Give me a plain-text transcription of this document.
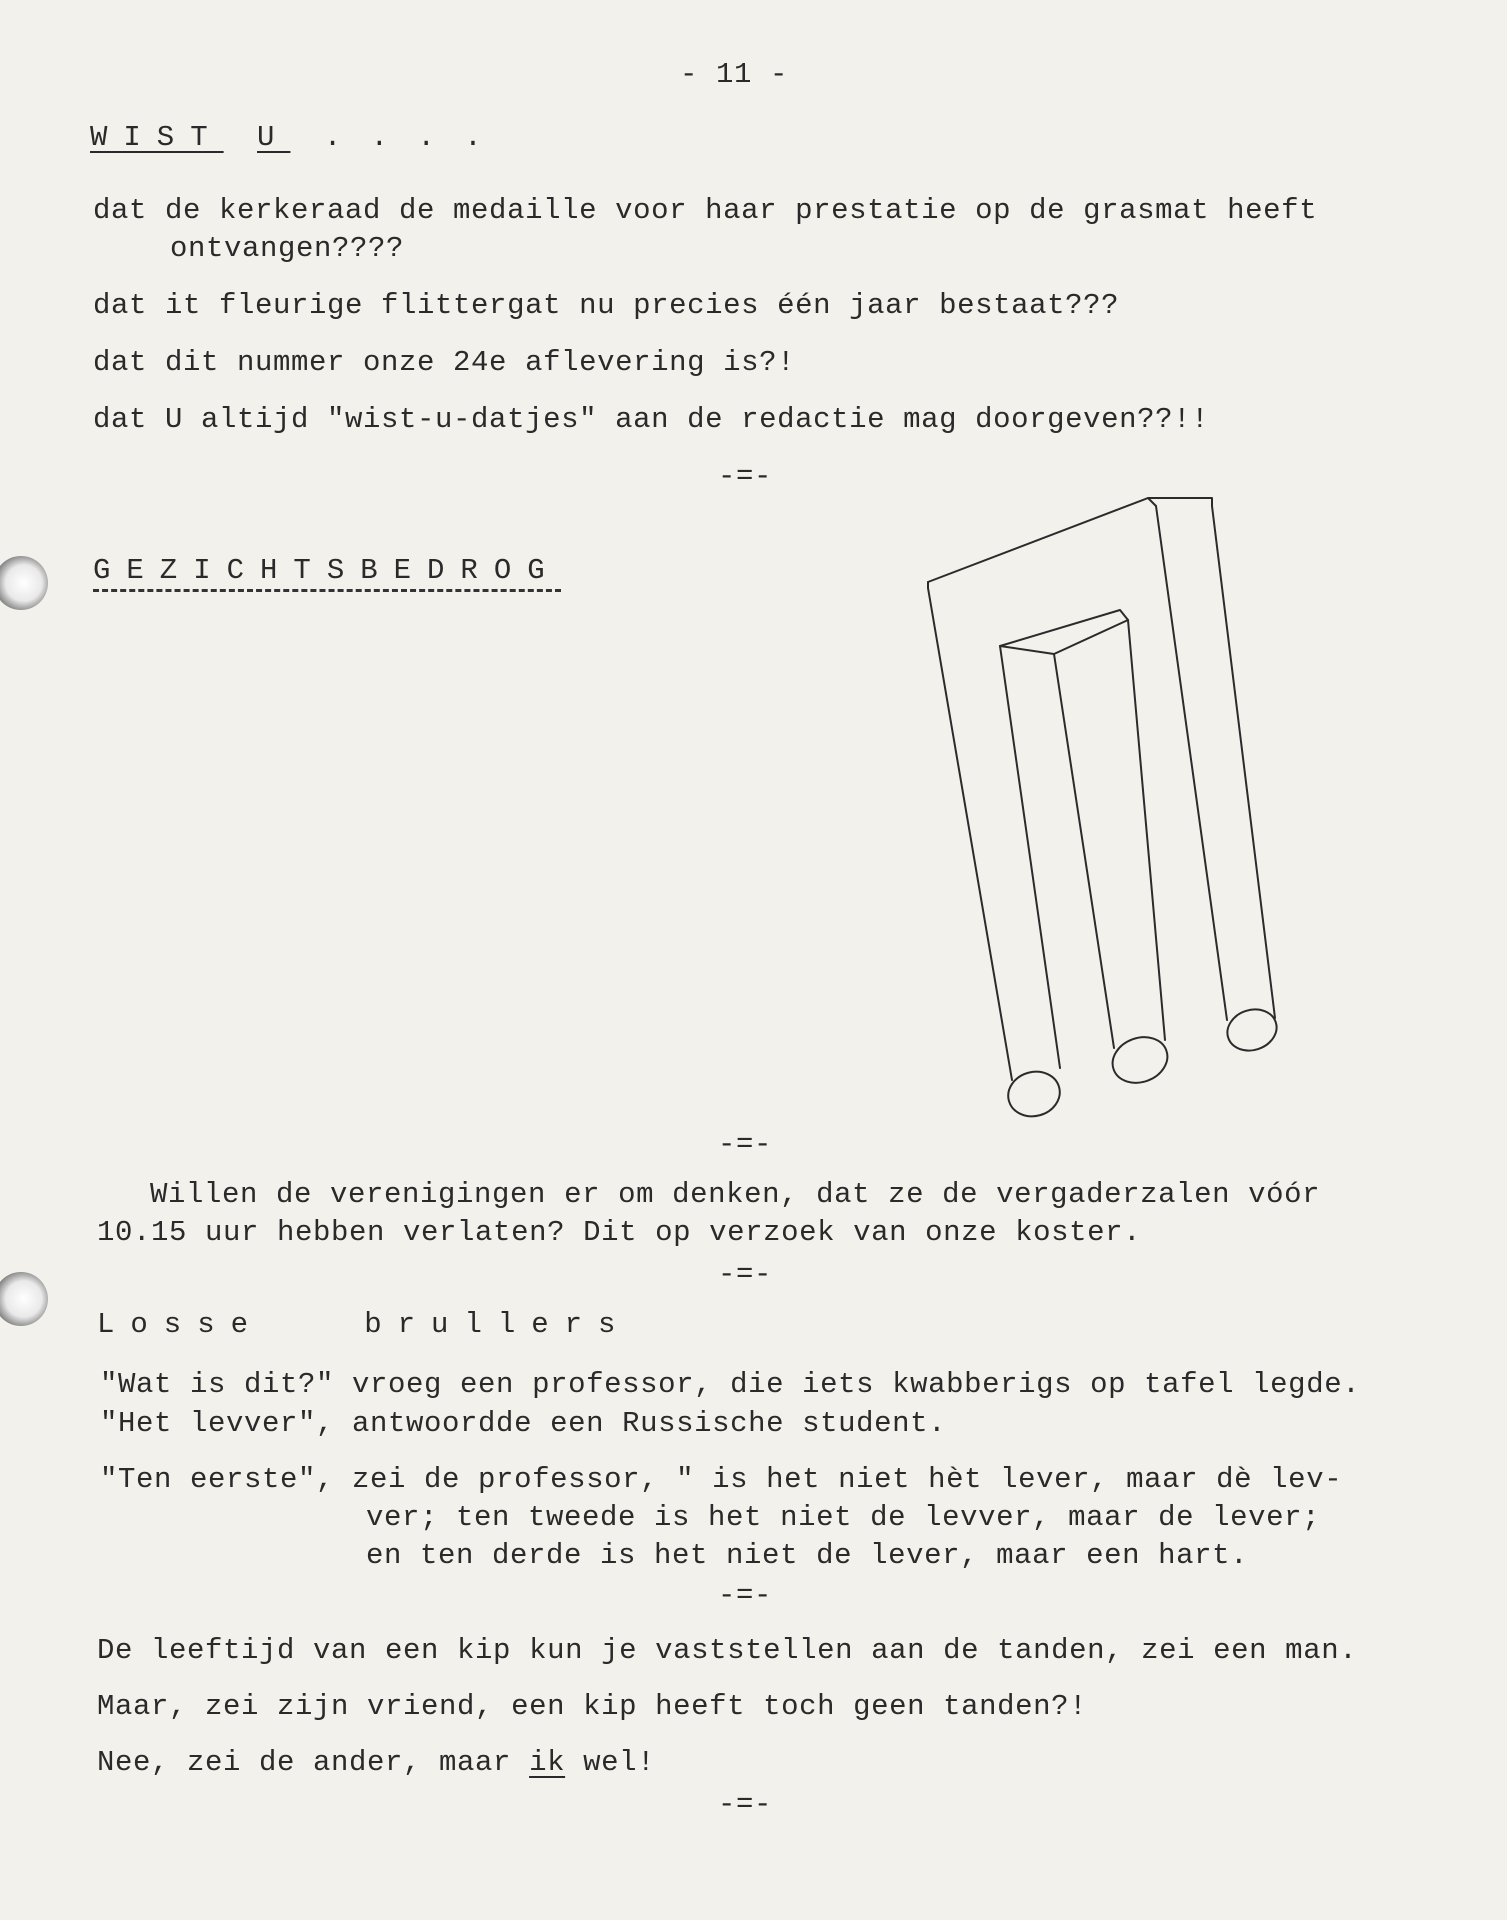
- 11 -
WIST U . . . .
dat de kerkeraad de medaille voor haar prestatie op de grasmat heeft
ontvangen????
dat it fleurige flittergat nu precies één jaar bestaat???
dat dit nummer onze 24e aflevering is?!
dat U altijd "wist-u-datjes" aan de redactie mag doorgeven??!!
-=-
GEZICHTSBEDROG
-=-
Willen de verenigingen er om denken, dat ze de vergaderzalen vóór
10.15 uur hebben verlaten? Dit op verzoek van onze koster.
-=-
Losse	brullers
"Wat is dit?" vroeg een professor, die iets kwabberigs op tafel legde.
"Het levver", antwoordde een Russische student.
"Ten eerste", zei de professor, " is het niet hèt lever, maar dè lev-
ver; ten tweede is het niet de levver, maar de lever;
en ten derde is het niet de lever, maar een hart.
-=-
De leeftijd van een kip kun je vaststellen aan de tanden, zei een man.
Maar, zei zijn vriend, een kip heeft toch geen tanden?!
Nee, zei de ander, maar ik wel!
-=-
